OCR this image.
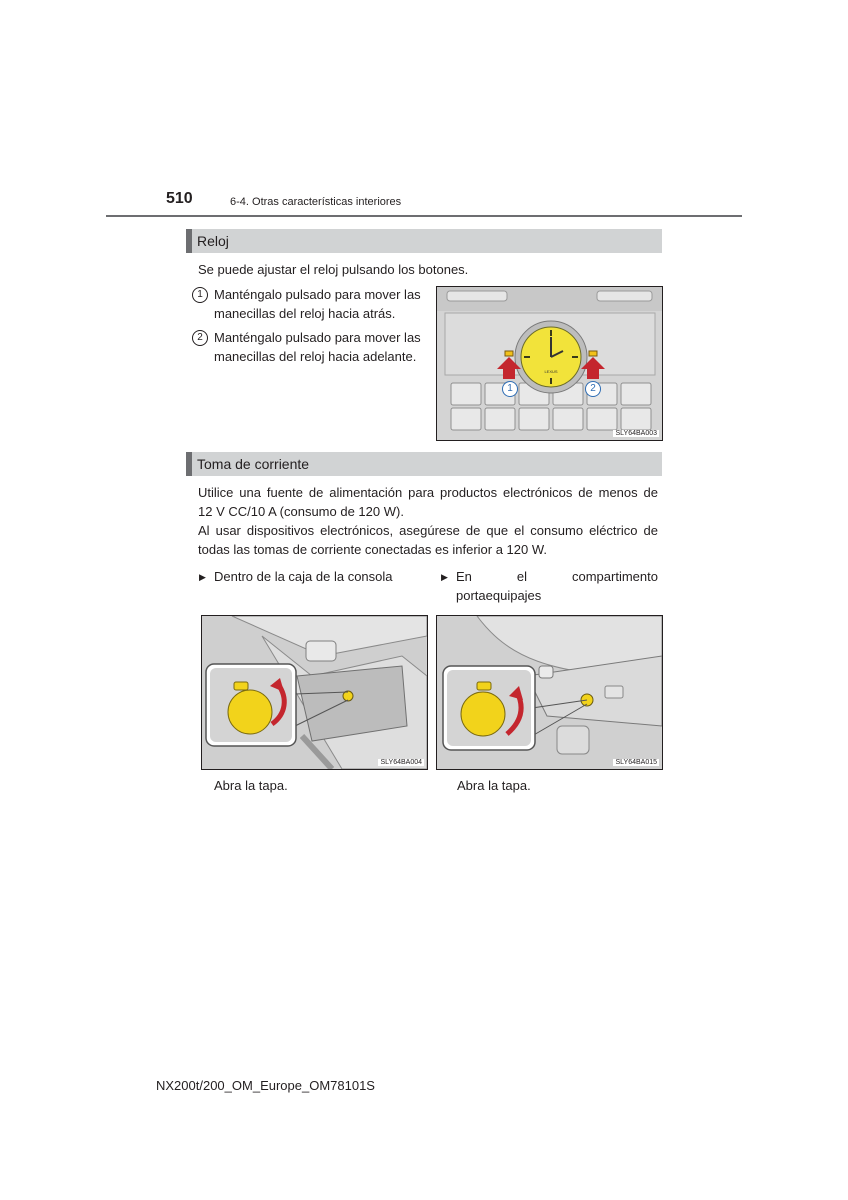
510	6-4. Otras características interiores
Reloj
Se puede ajustar el reloj pulsando los botones.
1 Manténgalo pulsado para mover las
manecillas del reloj hacia atrás.
2 Manténgalo pulsado para mover las
manecillas del reloj hacia adelante.
LEXUS
1	2
SLY64BA003
Toma de corriente
Utilice una fuente de alimentación para productos electrónicos de menos de
12 V CC/10 A (consumo de 120 W).
Al usar dispositivos electrónicos, asegúrese de que el consumo eléctrico de
todas las tomas de corriente conectadas es inferior a 120 W.
▶ Dentro de la caja de la consola	▶ En	el	compartimento
portaequipajes
SLY64BA004
Abra la tapa.
SLY64BA015
Abra la tapa.
NX200t/200_OM_Europe_OM78101S
